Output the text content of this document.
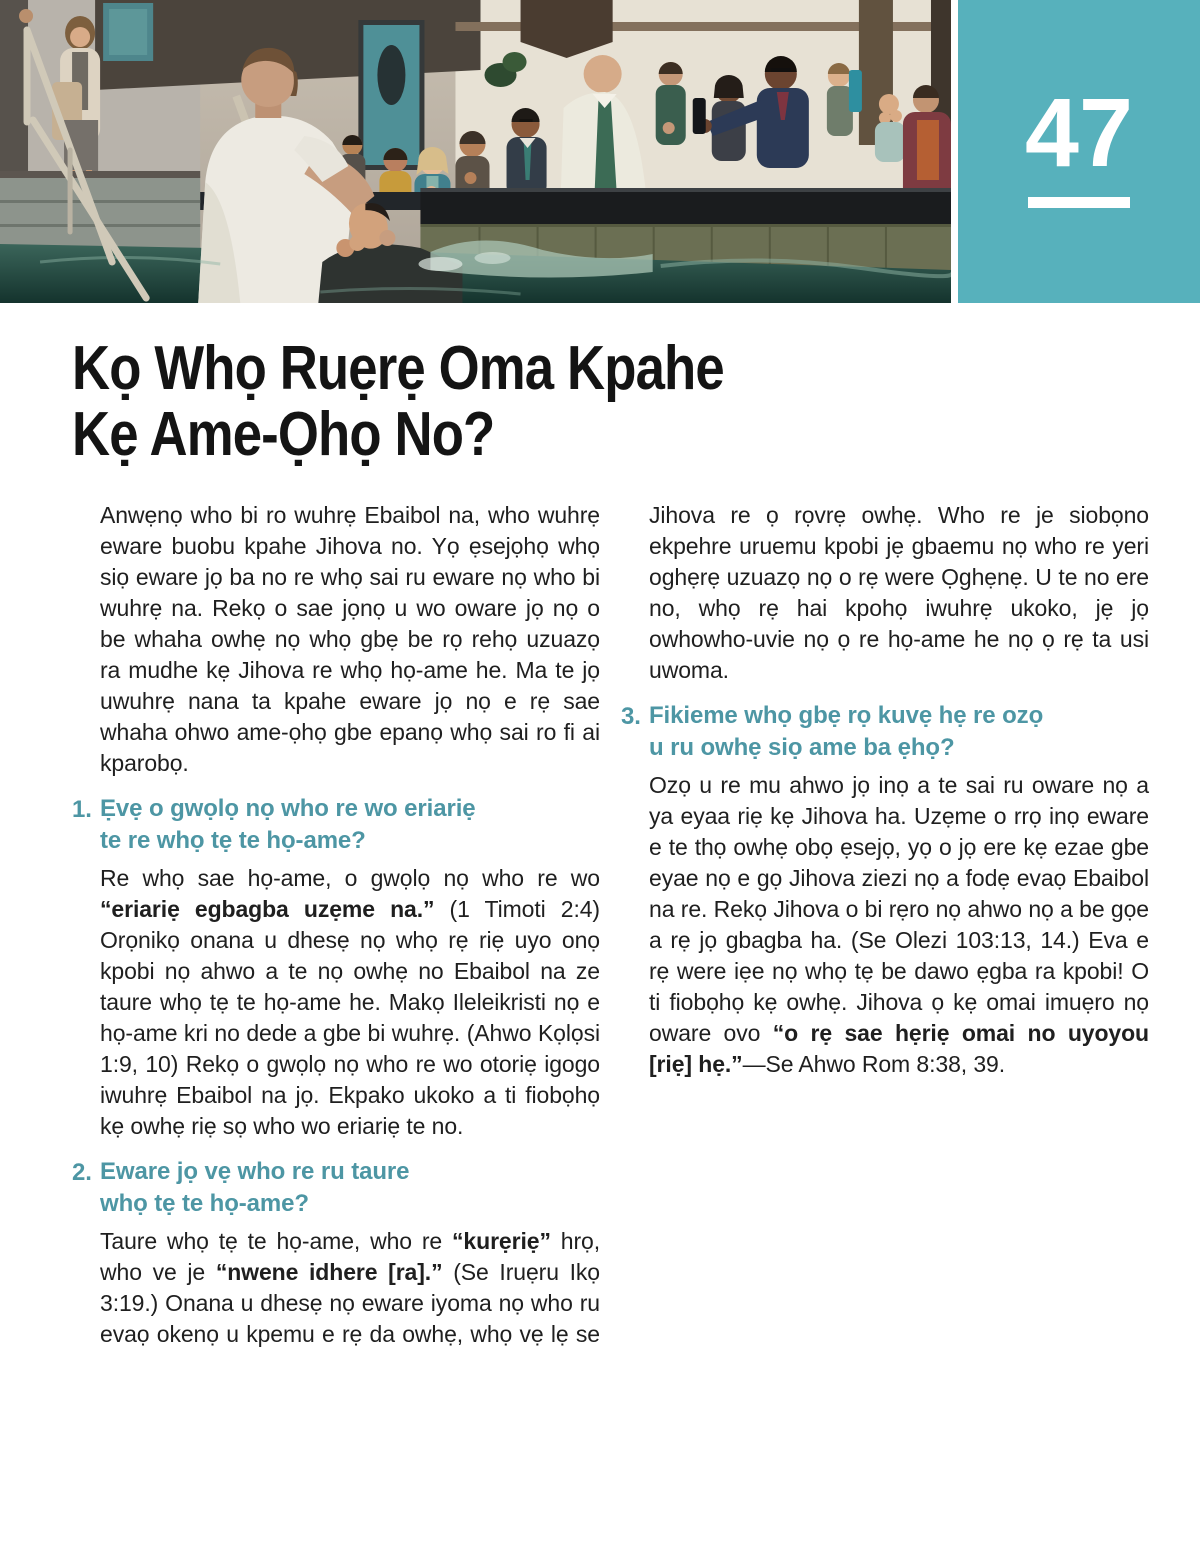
47
Kọ Whọ Ruẹrẹ Oma Kpahe
Kẹ Ame-Ọhọ No?

Anwẹnọ who bi ro wuhrẹ Ebaibol na, who wuhrẹ eware buobu kpahe Jihova no. Yọ ẹsejọhọ whọ siọ eware jọ ba no re whọ sai ru eware nọ who bi wuhrẹ na. Rekọ o sae jọnọ u wo oware jọ nọ o be whaha owhẹ nọ whọ gbẹ be rọ rehọ uzuazọ ra mudhe kẹ Jihova re whọ họ-ame he. Ma te jọ uwuhrẹ nana ta kpahe eware jọ nọ e rẹ sae whaha ohwo ame-ọhọ gbe epanọ whọ sai ro fi ai kparobọ.

1. Ẹvẹ o gwọlọ nọ who re wo eriariẹ
te re whọ tẹ te họ-ame?

Re whọ sae họ-ame, o gwọlọ nọ who re wo “eriariẹ egbagba uzẹme na.” (1 Timoti 2:4) Orọnikọ onana u dhesẹ nọ whọ rẹ riẹ uyo onọ kpobi nọ ahwo a te nọ owhẹ no Ebaibol na ze taure whọ tẹ te họ-ame he. Makọ Ileleikristi nọ e họ-ame kri no dede a gbe bi wuhrẹ. (Ahwo Kọlọsi 1:9, 10) Rekọ o gwọlọ nọ who re wo otoriẹ igogo iwuhrẹ Ebaibol na jọ. Ekpako ukoko a ti fiobọhọ kẹ owhẹ riẹ sọ who wo eriariẹ te no.

2. Eware jọ vẹ who re ru taure
whọ tẹ te họ-ame?

Taure whọ tẹ te họ-ame, who re “kurẹriẹ” hrọ, who ve je “nwene idhere [ra].” (Se Iruẹru Ikọ 3:19.) Onana u dhesẹ nọ eware iyoma nọ who ru evaọ okenọ u kpemu e rẹ da owhẹ, whọ vẹ lẹ se

Jihova re ọ rọvrẹ owhẹ. Who re je siobọno ekpehre uruemu kpobi jẹ gbaemu nọ who re yeri oghẹrẹ uzuazọ nọ o rẹ were Ọghẹnẹ. U te no ere no, whọ rẹ hai kpohọ iwuhrẹ ukoko, jẹ jọ owhowho-uvie nọ ọ re họ-ame he nọ ọ rẹ ta usi uwoma.

3. Fikieme whọ gbẹ rọ kuvẹ hẹ re ozọ
u ru owhẹ siọ ame ba ẹhọ?

Ozọ u re mu ahwo jọ inọ a te sai ru oware nọ a ya eyaa riẹ kẹ Jihova ha. Uzẹme o rrọ inọ eware e te thọ owhẹ obọ ẹsejọ, yọ o jọ ere kẹ ezae gbe eyae nọ e gọ Jihova ziezi nọ a fodẹ evaọ Ebaibol na re. Rekọ Jihova o bi rẹro nọ ahwo nọ a be gọe a rẹ jọ gbagba ha. (Se Olezi 103:13, 14.) Eva e rẹ were iẹe nọ whọ tẹ be dawo ẹgba ra kpobi! O ti fiobọhọ kẹ owhẹ. Jihova ọ kẹ omai imuẹro nọ oware ovo “o rẹ sae hẹriẹ omai no uyoyou [riẹ] hẹ.”—Se Ahwo Rom 8:38, 39.
